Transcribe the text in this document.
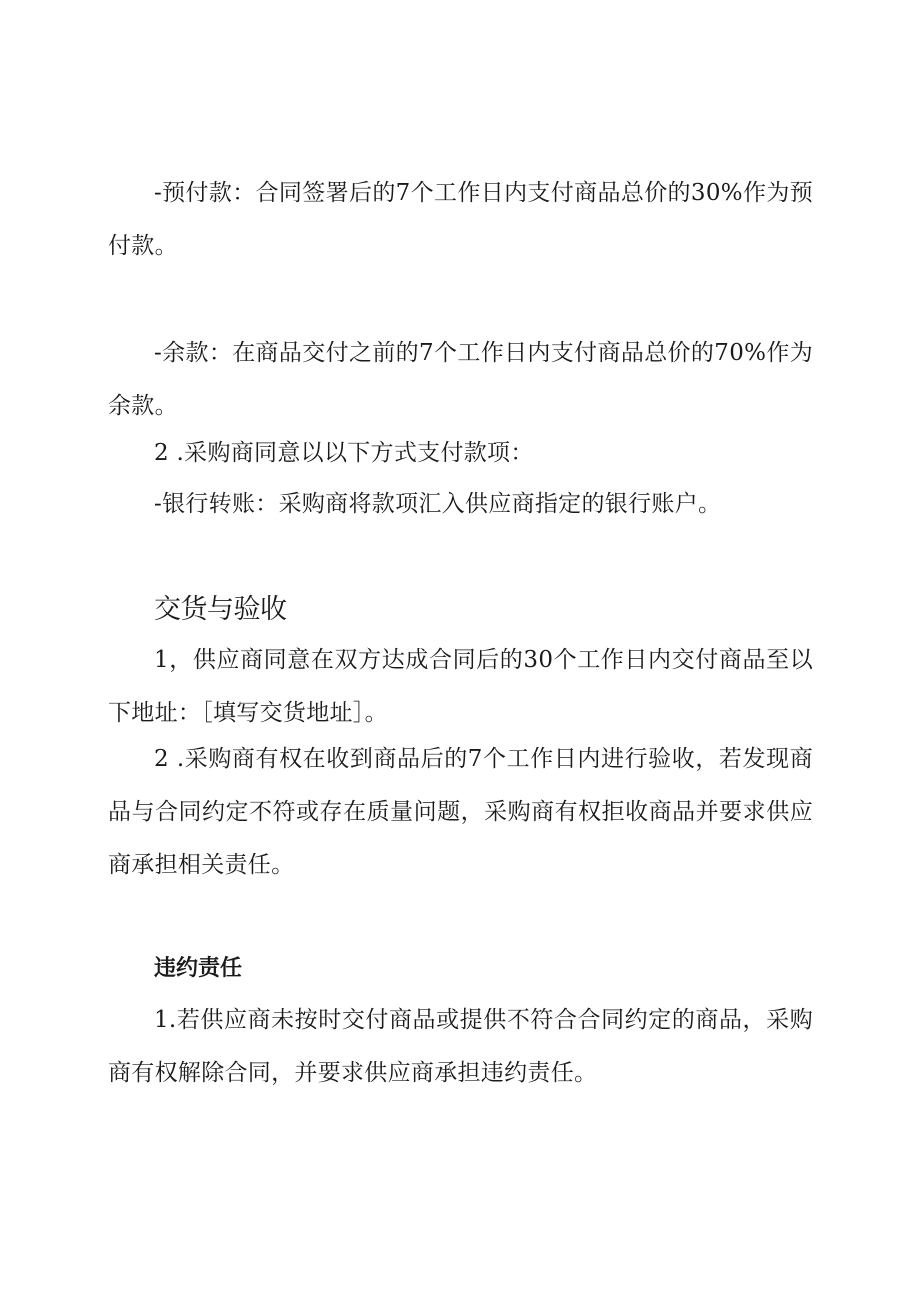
-预付款：合同签署后的7个工作日内支付商品总价的30%作为预付款。

-余款：在商品交付之前的7个工作日内支付商品总价的70%作为余款。

2 .采购商同意以以下方式支付款项：

-银行转账：采购商将款项汇入供应商指定的银行账户。

交货与验收

1，供应商同意在双方达成合同后的30个工作日内交付商品至以下地址：［填写交货地址］。

2 .采购商有权在收到商品后的7个工作日内进行验收，若发现商品与合同约定不符或存在质量问题，采购商有权拒收商品并要求供应商承担相关责任。

违约责任

1.若供应商未按时交付商品或提供不符合合同约定的商品，采购商有权解除合同，并要求供应商承担违约责任。
